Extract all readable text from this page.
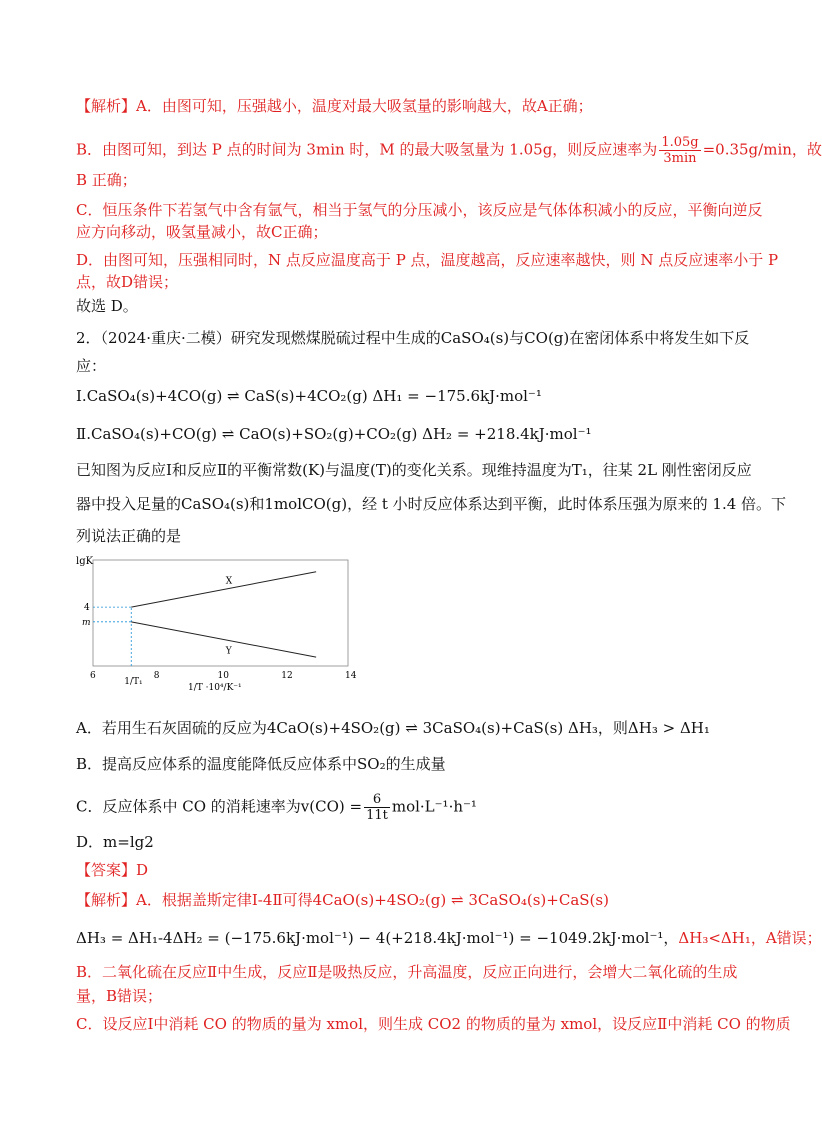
【解析】A．由图可知，压强越小，温度对最大吸氢量的影响越大，故A正确；
B．由图可知，到达 P 点的时间为 3min 时，M 的最大吸氢量为 1.05g，则反应速率为 $\frac{1.05g}{3\min} =0.35g/\min$，故
B 正确；
C．恒压条件下若氢气中含有氩气，相当于氢气的分压减小，该反应是气体体积减小的反应，平衡向逆反
应方向移动，吸氢量减小，故C正确；
D．由图可知，压强相同时，N 点反应温度高于 P 点，温度越高，反应速率越快，则 N 点反应速率小于 P
点，故D错误；
故选 D。
2．（2024·重庆·二模）研究发现燃煤脱硫过程中生成的CaSO₄(s)与CO(g)在密闭体系中将发生如下反
应：
Ⅰ.CaSO₄(s)+4CO(g) ⇌ CaS(s)+4CO₂(g) ΔH₁ = −175.6kJ·mol⁻¹
Ⅱ.CaSO₄(s)+CO(g) ⇌ CaO(s)+SO₂(g)+CO₂(g) ΔH₂ = +218.4kJ·mol⁻¹
已知图为反应Ⅰ和反应Ⅱ的平衡常数(K)与温度(T)的变化关系。现维持温度为T₁，往某 2L 刚性密闭反应
器中投入足量的CaSO₄(s)和1molCO(g)，经 t 小时反应体系达到平衡，此时体系压强为原来的 1.4 倍。下
列说法正确的是
lgK
1/T ·10⁴/K⁻¹
6	8	10	12	14
1/T₁
4
m
X
Y
A．若用生石灰固硫的反应为4CaO(s)+4SO₂(g) ⇌ 3CaSO₄(s)+CaS(s) ΔH₃，则ΔH₃ > ΔH₁
B．提高反应体系的温度能降低反应体系中SO₂的生成量
C．反应体系中 CO 的消耗速率为$v(CO) = \frac{6}{11t} mol\cdot L^{-1}\cdot h^{-1}$
D．m=lg2
【答案】D
【解析】A．根据盖斯定律Ⅰ-4Ⅱ可得4CaO(s)+4SO₂(g) ⇌ 3CaSO₄(s)+CaS(s)
ΔH₃ = ΔH₁-4ΔH₂ = (−175.6kJ·mol⁻¹) − 4(+218.4kJ·mol⁻¹) = −1049.2kJ·mol⁻¹，ΔH₃<ΔH₁，A错误；
B．二氧化硫在反应Ⅱ中生成，反应Ⅱ是吸热反应，升高温度，反应正向进行，会增大二氧化硫的生成
量，B错误；
C．设反应Ⅰ中消耗 CO 的物质的量为 xmol，则生成 CO2 的物质的量为 xmol，设反应Ⅱ中消耗 CO 的物质
